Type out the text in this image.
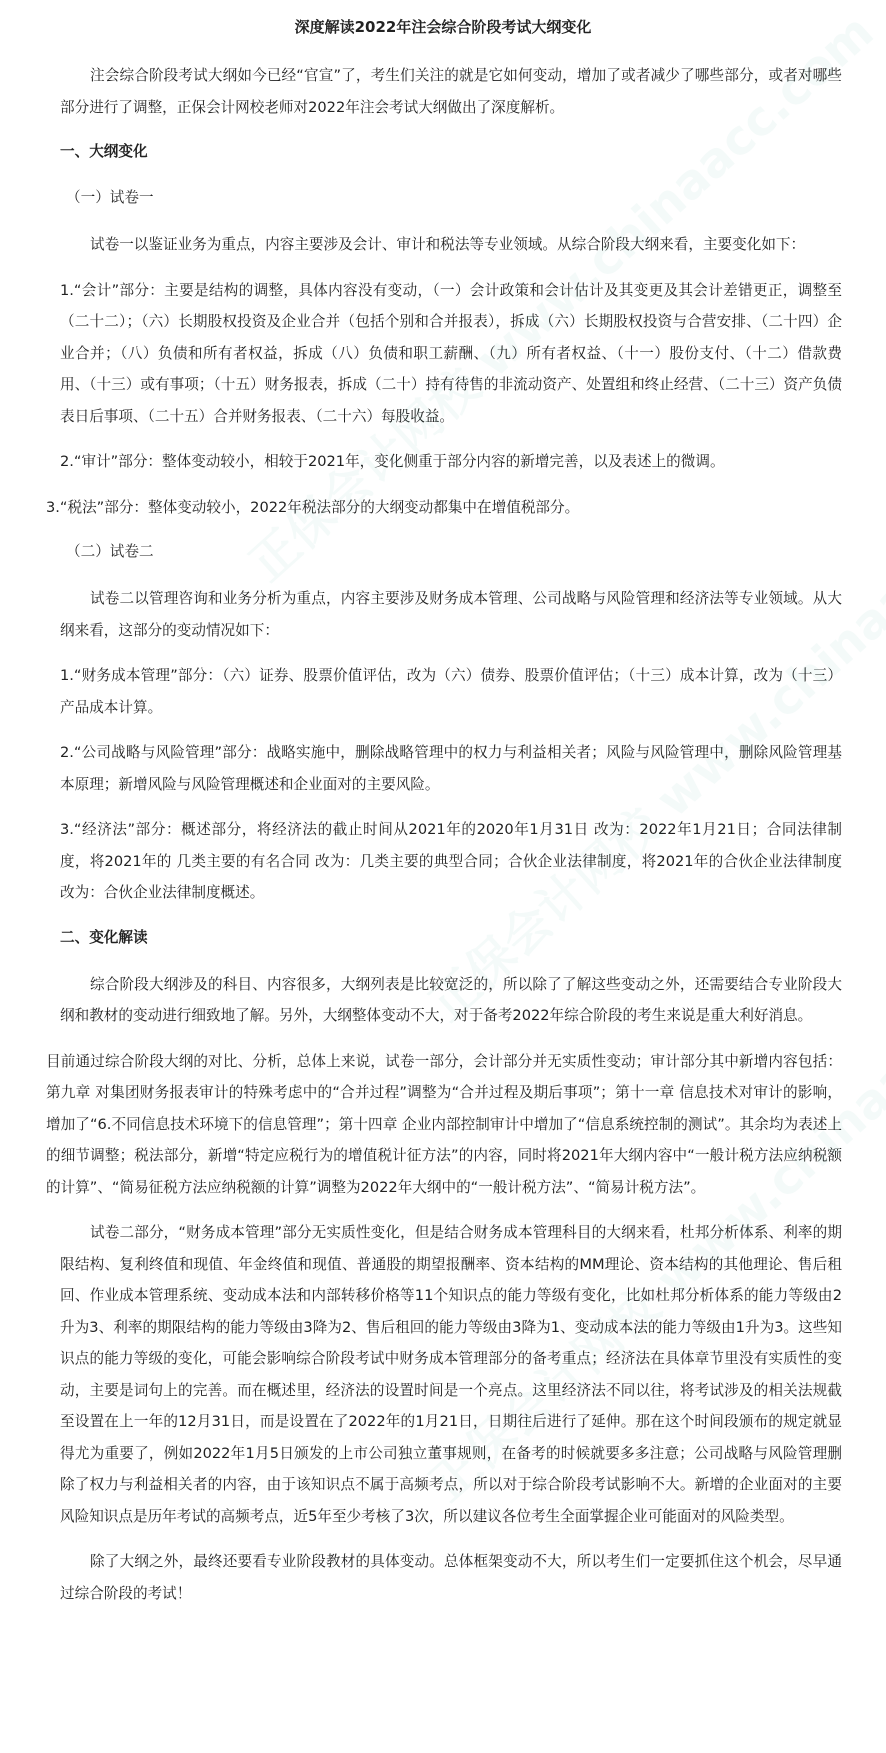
深度解读2022年注会综合阶段考试大纲变化

注会综合阶段考试大纲如今已经“官宣”了，考生们关注的就是它如何变动，增加了或者减少了哪些部分，或者对哪些部分进行了调整，正保会计网校老师对2022年注会考试大纲做出了深度解析。

一、大纲变化
（一）试卷一

试卷一以鉴证业务为重点，内容主要涉及会计、审计和税法等专业领域。从综合阶段大纲来看，主要变化如下：

1.“会计”部分：主要是结构的调整，具体内容没有变动，（一）会计政策和会计估计及其变更及其会计差错更正，调整至（二十二）；（六）长期股权投资及企业合并（包括个别和合并报表），拆成（六）长期股权投资与合营安排、（二十四）企业合并；（八）负债和所有者权益，拆成（八）负债和职工薪酬、（九）所有者权益、（十一）股份支付、（十二）借款费用、（十三）或有事项；（十五）财务报表，拆成（二十）持有待售的非流动资产、处置组和终止经营、（二十三）资产负债表日后事项、（二十五）合并财务报表、（二十六）每股收益。

2.“审计”部分：整体变动较小，相较于2021年，变化侧重于部分内容的新增完善，以及表述上的微调。

3.“税法”部分：整体变动较小，2022年税法部分的大纲变动都集中在增值税部分。

（二）试卷二

试卷二以管理咨询和业务分析为重点，内容主要涉及财务成本管理、公司战略与风险管理和经济法等专业领域。从大纲来看，这部分的变动情况如下：

1.“财务成本管理”部分：（六）证券、股票价值评估，改为（六）债券、股票价值评估；（十三）成本计算，改为（十三）产品成本计算。

2.“公司战略与风险管理”部分：战略实施中，删除战略管理中的权力与利益相关者；风险与风险管理中，删除风险管理基本原理；新增风险与风险管理概述和企业面对的主要风险。

3.“经济法”部分：概述部分，将经济法的截止时间从2021年的2020年1月31日 改为：2022年1月21日；合同法律制度，将2021年的 几类主要的有名合同 改为：几类主要的典型合同；合伙企业法律制度，将2021年的合伙企业法律制度改为：合伙企业法律制度概述。

二、变化解读

综合阶段大纲涉及的科目、内容很多，大纲列表是比较宽泛的，所以除了了解这些变动之外，还需要结合专业阶段大纲和教材的变动进行细致地了解。另外，大纲整体变动不大，对于备考2022年综合阶段的考生来说是重大利好消息。

目前通过综合阶段大纲的对比、分析，总体上来说，试卷一部分，会计部分并无实质性变动；审计部分其中新增内容包括：第九章 对集团财务报表审计的特殊考虑中的“合并过程”调整为“合并过程及期后事项”；第十一章 信息技术对审计的影响，增加了“6.不同信息技术环境下的信息管理”；第十四章 企业内部控制审计中增加了“信息系统控制的测试”。其余均为表述上的细节调整；税法部分，新增“特定应税行为的增值税计征方法”的内容，同时将2021年大纲内容中“一般计税方法应纳税额的计算”、“简易征税方法应纳税额的计算”调整为2022年大纲中的“一般计税方法”、“简易计税方法”。

试卷二部分，“财务成本管理”部分无实质性变化，但是结合财务成本管理科目的大纲来看，杜邦分析体系、利率的期限结构、复利终值和现值、年金终值和现值、普通股的期望报酬率、资本结构的MM理论、资本结构的其他理论、售后租回、作业成本管理系统、变动成本法和内部转移价格等11个知识点的能力等级有变化，比如杜邦分析体系的能力等级由2升为3、利率的期限结构的能力等级由3降为2、售后租回的能力等级由3降为1、变动成本法的能力等级由1升为3。这些知识点的能力等级的变化，可能会影响综合阶段考试中财务成本管理部分的备考重点；经济法在具体章节里没有实质性的变动，主要是词句上的完善。而在概述里，经济法的设置时间是一个亮点。这里经济法不同以往，将考试涉及的相关法规截至设置在上一年的12月31日，而是设置在了2022年的1月21日，日期往后进行了延伸。那在这个时间段颁布的规定就显得尤为重要了，例如2022年1月5日颁发的上市公司独立董事规则，在备考的时候就要多多注意；公司战略与风险管理删除了权力与利益相关者的内容，由于该知识点不属于高频考点，所以对于综合阶段考试影响不大。新增的企业面对的主要风险知识点是历年考试的高频考点，近5年至少考核了3次，所以建议各位考生全面掌握企业可能面对的风险类型。

除了大纲之外，最终还要看专业阶段教材的具体变动。总体框架变动不大，所以考生们一定要抓住这个机会，尽早通过综合阶段的考试！
